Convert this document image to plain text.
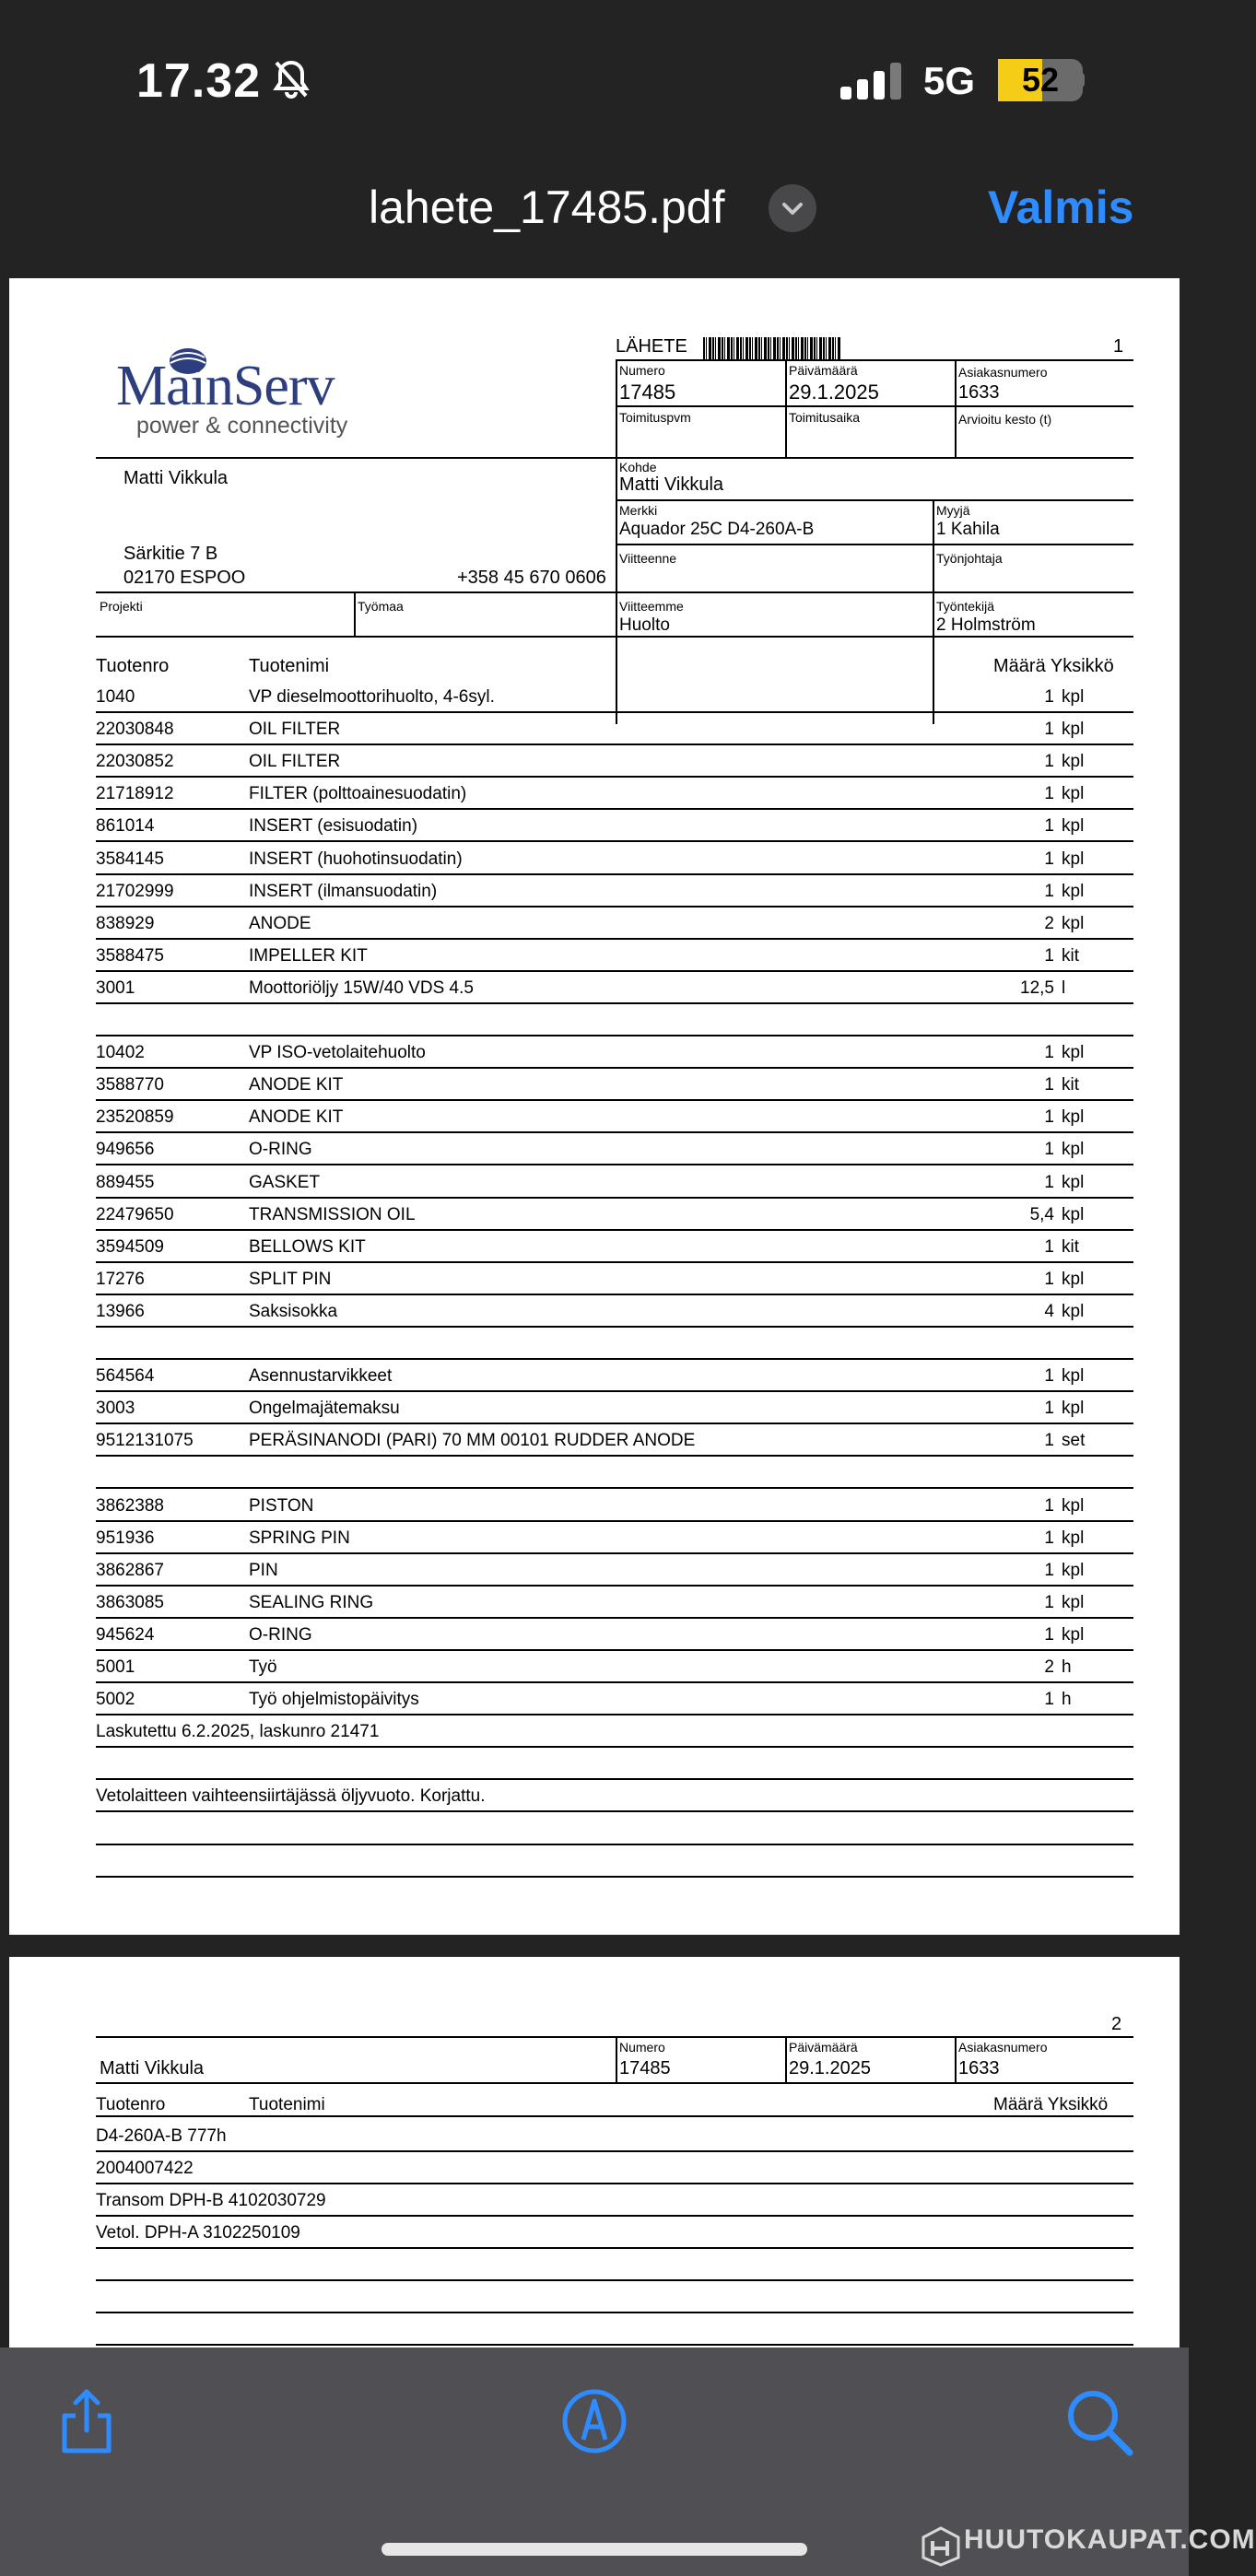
17.32	5G	52
lahete_17485.pdf	Valmis
MainServ
power & connectivity
LÄHETE	1
Numero
17485
Päivämäärä
29.1.2025
Asiakasnumero
1633
Toimituspvm	Toimitusaika	Arvioitu kesto (t)
Matti Vikkula
Särkitie 7 B
02170 ESPOO	+358 45 670 0606
Kohde
Matti Vikkula
Merkki
Aquador 25C D4-260A-B
Myyjä
1 Kahila
Viitteenne	Työnjohtaja
Projekti	Työmaa	Viitteemme
Huolto
Työntekijä
2 Holmström
Tuotenro	Tuotenimi	Määrä Yksikkö
1040	VP dieselmoottorihuolto, 4-6syl.	1 kpl
22030848	OIL FILTER	1 kpl
22030852	OIL FILTER	1 kpl
21718912	FILTER (polttoainesuodatin)	1 kpl
861014	INSERT (esisuodatin)	1 kpl
3584145	INSERT (huohotinsuodatin)	1 kpl
21702999	INSERT (ilmansuodatin)	1 kpl
838929	ANODE	2 kpl
3588475	IMPELLER KIT	1 kit
3001	Moottoriöljy 15W/40 VDS 4.5	12,5 l
10402	VP ISO-vetolaitehuolto	1 kpl
3588770	ANODE KIT	1 kit
23520859	ANODE KIT	1 kpl
949656	O-RING	1 kpl
889455	GASKET	1 kpl
22479650	TRANSMISSION OIL	5,4 kpl
3594509	BELLOWS KIT	1 kit
17276	SPLIT PIN	1 kpl
13966	Saksisokka	4 kpl
564564	Asennustarvikkeet	1 kpl
3003	Ongelmajätemaksu	1 kpl
9512131075	PERÄSINANODI (PARI) 70 MM 00101 RUDDER ANODE	1 set
3862388	PISTON	1 kpl
951936	SPRING PIN	1 kpl
3862867	PIN	1 kpl
3863085	SEALING RING	1 kpl
945624	O-RING	1 kpl
5001	Työ	2 h
5002	Työ ohjelmistopäivitys	1 h
Laskutettu 6.2.2025, laskunro 21471
Vetolaitteen vaihteensiirtäjässä öljyvuoto. Korjattu.
2
Matti Vikkula
Numero
17485
Päivämäärä
29.1.2025
Asiakasnumero
1633
Tuotenro	Tuotenimi	Määrä Yksikkö
D4-260A-B 777h
2004007422
Transom DPH-B 4102030729
Vetol. DPH-A 3102250109
HUUTOKAUPAT.COM
